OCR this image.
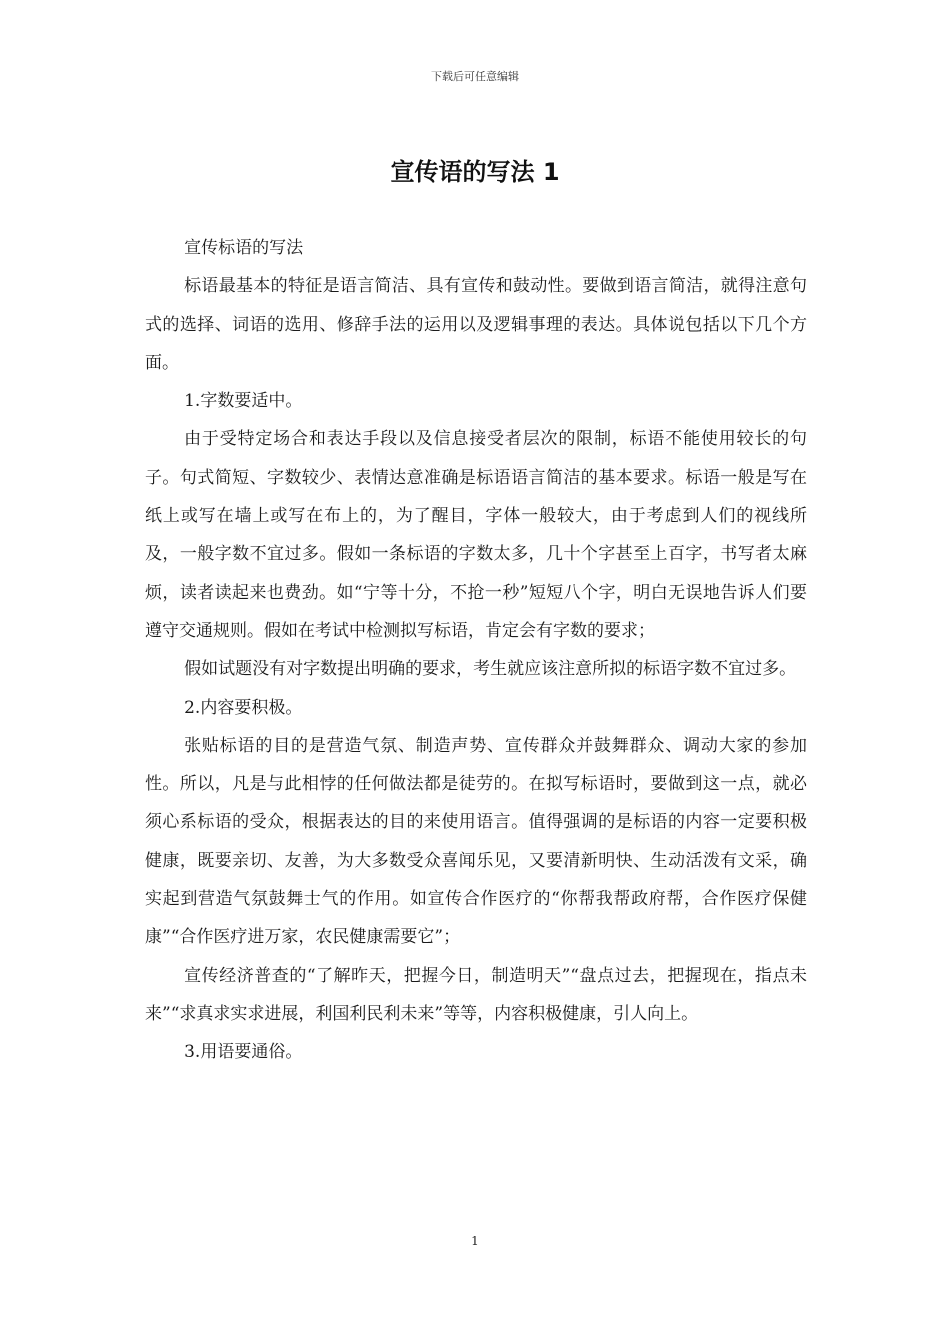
下载后可任意编辑
宣传语的写法 1

宣传标语的写法

标语最基本的特征是语言简洁、具有宣传和鼓动性。要做到语言简洁，就得注意句式的选择、词语的选用、修辞手法的运用以及逻辑事理的表达。具体说包括以下几个方面。

1.字数要适中。

由于受特定场合和表达手段以及信息接受者层次的限制，标语不能使用较长的句子。句式简短、字数较少、表情达意准确是标语语言简洁的基本要求。标语一般是写在纸上或写在墙上或写在布上的，为了醒目，字体一般较大，由于考虑到人们的视线所及，一般字数不宜过多。假如一条标语的字数太多，几十个字甚至上百字，书写者太麻烦，读者读起来也费劲。如“宁等十分，不抢一秒”短短八个字，明白无误地告诉人们要遵守交通规则。假如在考试中检测拟写标语，肯定会有字数的要求；

假如试题没有对字数提出明确的要求，考生就应该注意所拟的标语字数不宜过多。

2.内容要积极。

张贴标语的目的是营造气氛、制造声势、宣传群众并鼓舞群众、调动大家的参加性。所以，凡是与此相悖的任何做法都是徒劳的。在拟写标语时，要做到这一点，就必须心系标语的受众，根据表达的目的来使用语言。值得强调的是标语的内容一定要积极健康，既要亲切、友善，为大多数受众喜闻乐见，又要清新明快、生动活泼有文采，确实起到营造气氛鼓舞士气的作用。如宣传合作医疗的“你帮我帮政府帮，合作医疗保健康”“合作医疗进万家，农民健康需要它”；

宣传经济普查的“了解昨天，把握今日，制造明天”“盘点过去，把握现在，指点未来”“求真求实求进展，利国利民利未来”等等，内容积极健康，引人向上。

3.用语要通俗。

1
